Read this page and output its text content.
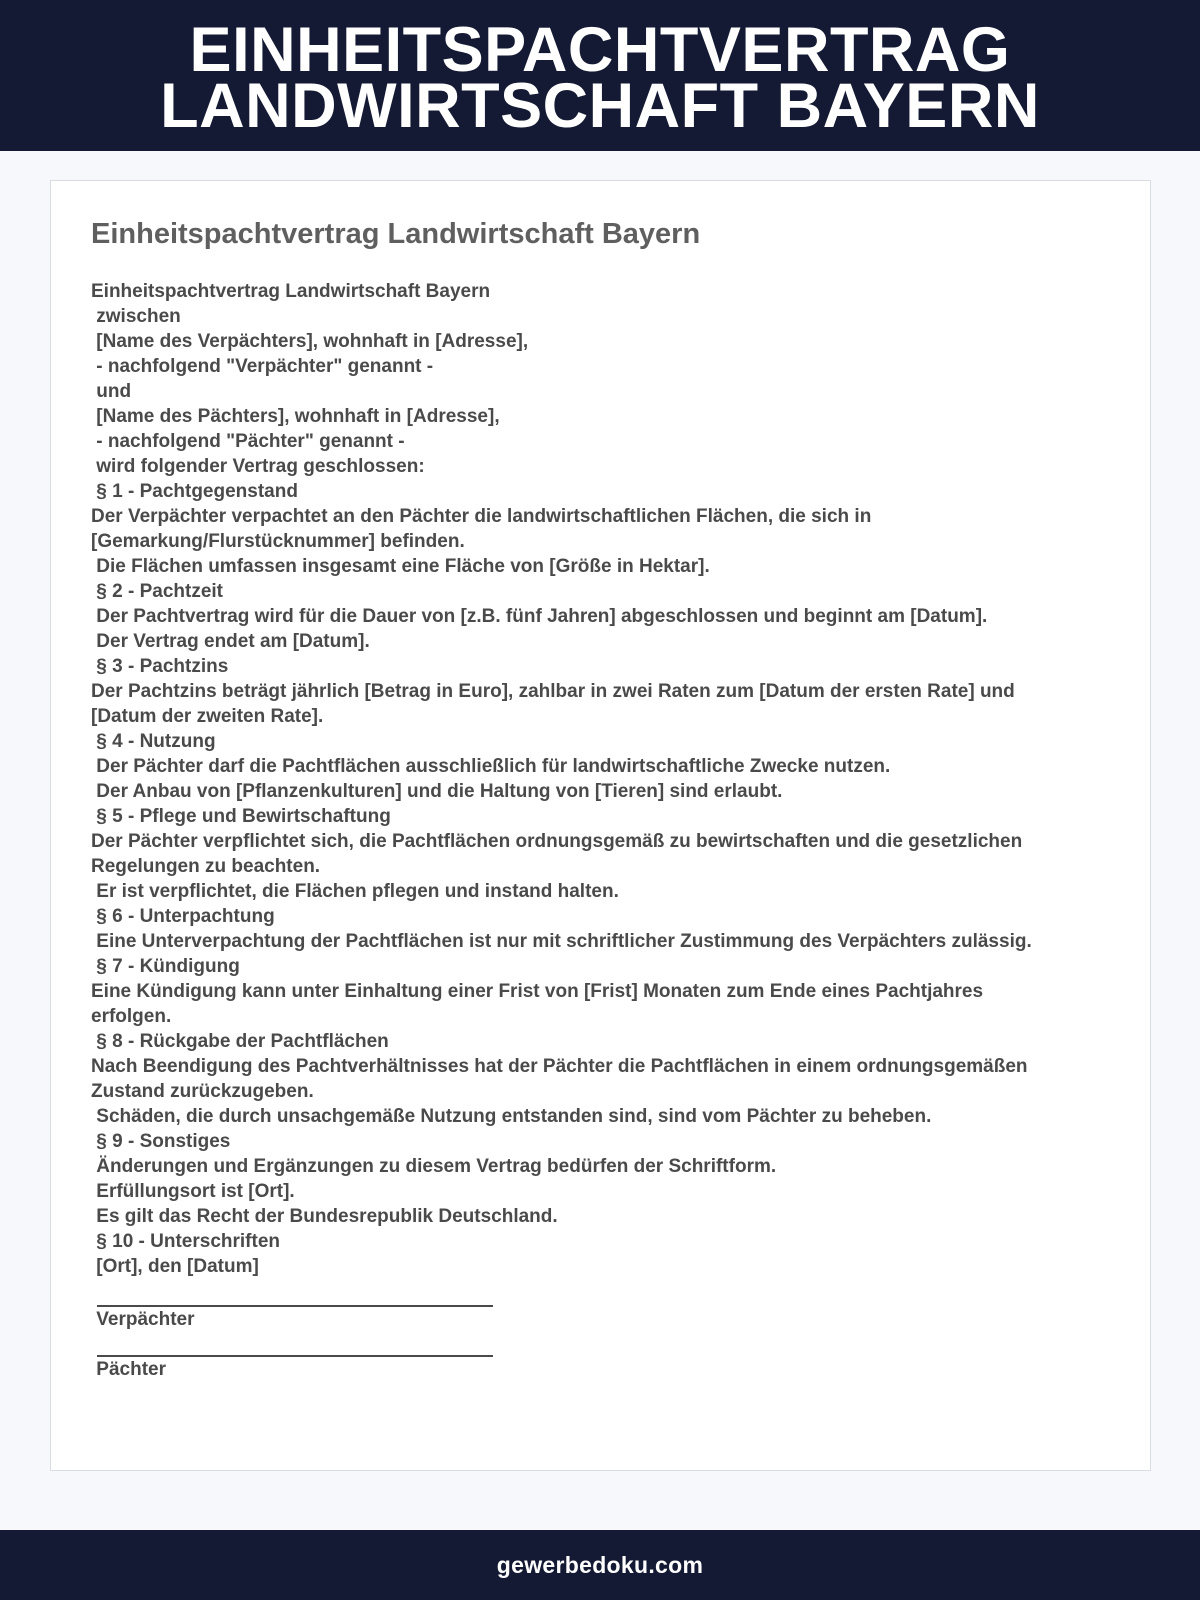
EINHEITSPACHTVERTRAG
LANDWIRTSCHAFT BAYERN
Einheitspachtvertrag Landwirtschaft Bayern
Einheitspachtvertrag Landwirtschaft Bayern
zwischen
[Name des Verpächters], wohnhaft in [Adresse],
- nachfolgend "Verpächter" genannt -
und
[Name des Pächters], wohnhaft in [Adresse],
- nachfolgend "Pächter" genannt -
wird folgender Vertrag geschlossen:
§ 1 - Pachtgegenstand
Der Verpächter verpachtet an den Pächter die landwirtschaftlichen Flächen, die sich in
[Gemarkung/Flurstücknummer] befinden.
Die Flächen umfassen insgesamt eine Fläche von [Größe in Hektar].
§ 2 - Pachtzeit
Der Pachtvertrag wird für die Dauer von [z.B. fünf Jahren] abgeschlossen und beginnt am [Datum].
Der Vertrag endet am [Datum].
§ 3 - Pachtzins
Der Pachtzins beträgt jährlich [Betrag in Euro], zahlbar in zwei Raten zum [Datum der ersten Rate] und
[Datum der zweiten Rate].
§ 4 - Nutzung
Der Pächter darf die Pachtflächen ausschließlich für landwirtschaftliche Zwecke nutzen.
Der Anbau von [Pflanzenkulturen] und die Haltung von [Tieren] sind erlaubt.
§ 5 - Pflege und Bewirtschaftung
Der Pächter verpflichtet sich, die Pachtflächen ordnungsgemäß zu bewirtschaften und die gesetzlichen
Regelungen zu beachten.
Er ist verpflichtet, die Flächen pflegen und instand halten.
§ 6 - Unterpachtung
Eine Unterverpachtung der Pachtflächen ist nur mit schriftlicher Zustimmung des Verpächters zulässig.
§ 7 - Kündigung
Eine Kündigung kann unter Einhaltung einer Frist von [Frist] Monaten zum Ende eines Pachtjahres
erfolgen.
§ 8 - Rückgabe der Pachtflächen
Nach Beendigung des Pachtverhältnisses hat der Pächter die Pachtflächen in einem ordnungsgemäßen
Zustand zurückzugeben.
Schäden, die durch unsachgemäße Nutzung entstanden sind, sind vom Pächter zu beheben.
§ 9 - Sonstiges
Änderungen und Ergänzungen zu diesem Vertrag bedürfen der Schriftform.
Erfüllungsort ist [Ort].
Es gilt das Recht der Bundesrepublik Deutschland.
§ 10 - Unterschriften
[Ort], den [Datum]
Verpächter
Pächter
gewerbedoku.com
